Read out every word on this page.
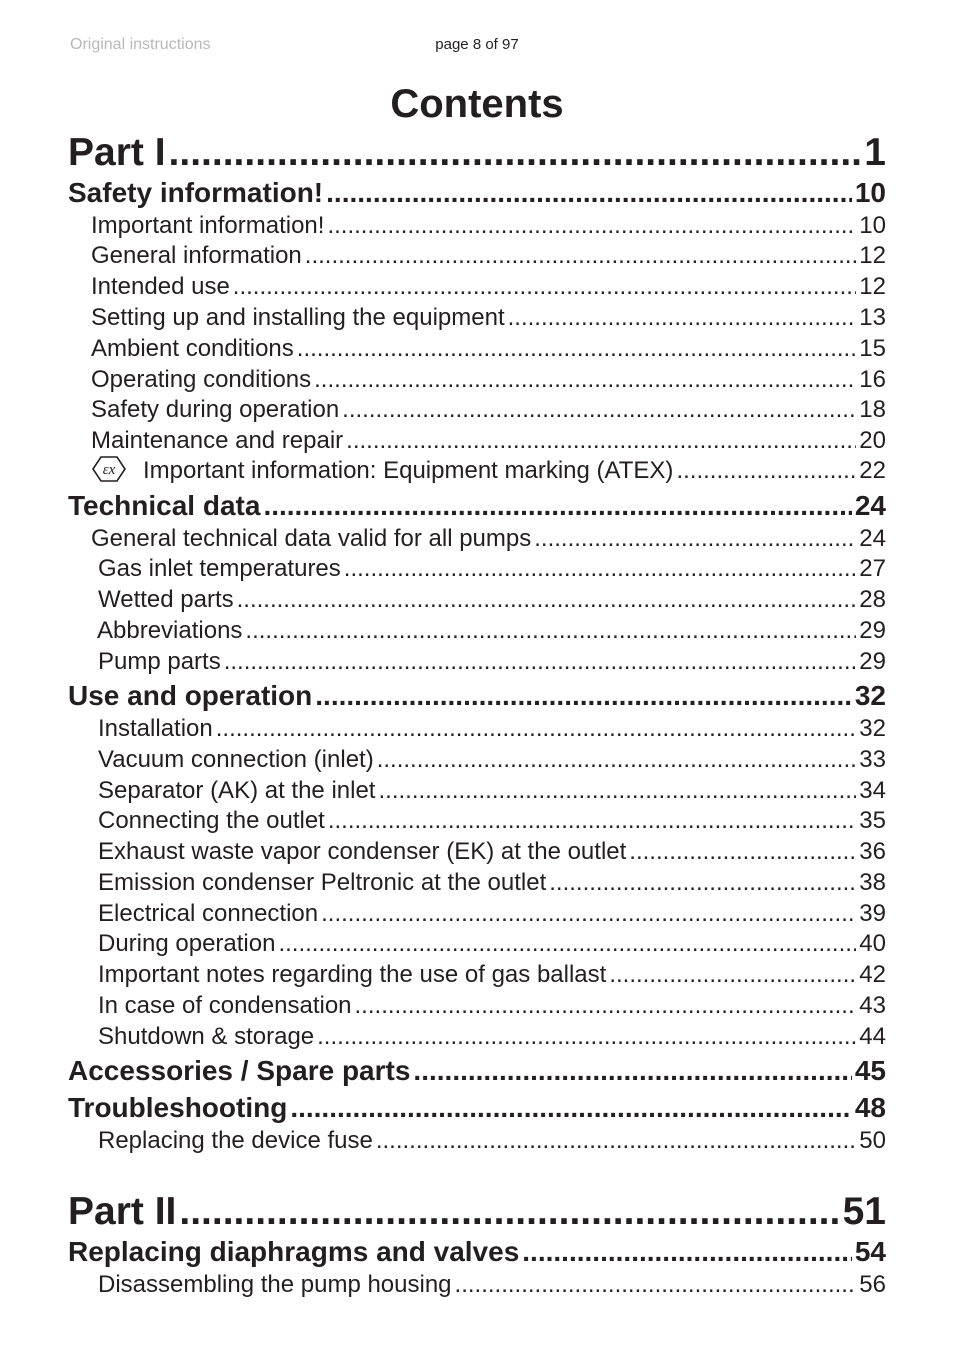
Original instructions	page 8 of 97
Contents
Part I .....	1
Safety information! .....	10
Important information! .....	10
General information .....	12
Intended use .....	12
Setting up and installing the equipment .....	13
Ambient conditions .....	15
Operating conditions .....	16
Safety during operation .....	18
Maintenance and repair .....	20
εx Important information: Equipment marking (ATEX) .....	22
Technical data .....	24
General technical data valid for all pumps .....	24
Gas inlet temperatures .....	27
Wetted parts .....	28
Abbreviations .....	29
Pump parts .....	29
Use and operation .....	32
Installation .....	32
Vacuum connection (inlet) .....	33
Separator (AK) at the inlet .....	34
Connecting the outlet .....	35
Exhaust waste vapor condenser (EK) at the outlet .....	36
Emission condenser Peltronic at the outlet .....	38
Electrical connection .....	39
During operation .....	40
Important notes regarding the use of gas ballast .....	42
In case of condensation .....	43
Shutdown & storage .....	44
Accessories / Spare parts .....	45
Troubleshooting .....	48
Replacing the device fuse .....	50
Part II .....	51
Replacing diaphragms and valves .....	54
Disassembling the pump housing .....	56
